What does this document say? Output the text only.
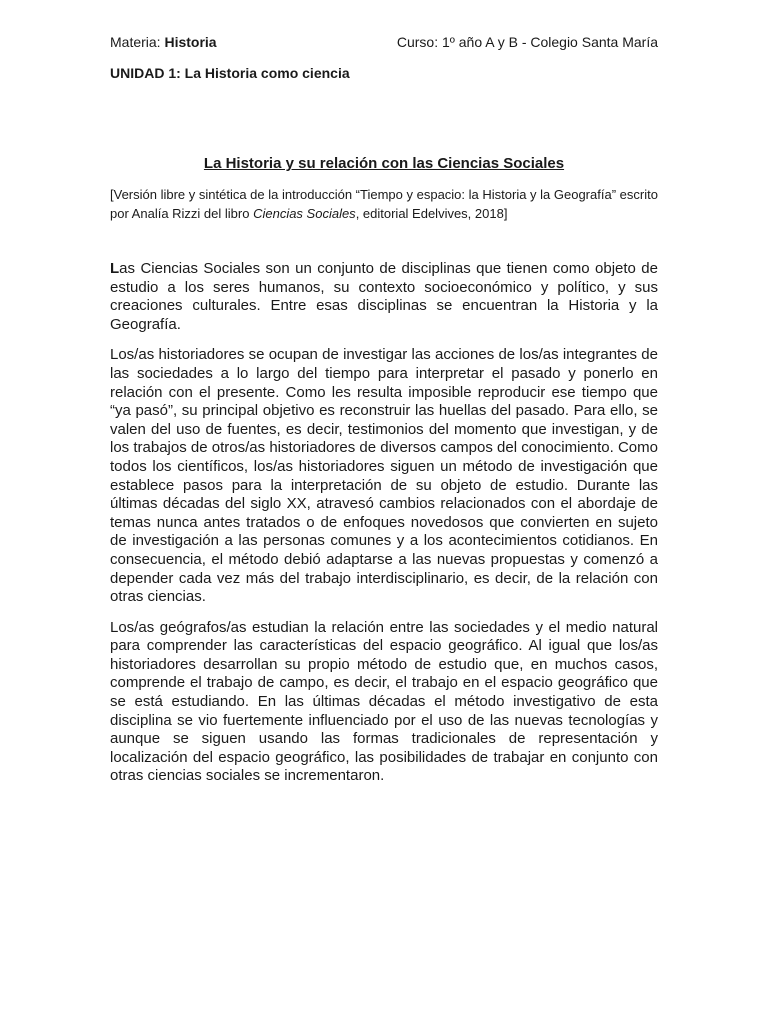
Materia: Historia	Curso: 1º año A y B - Colegio Santa María
UNIDAD 1: La Historia como ciencia
La Historia y su relación con las Ciencias Sociales
[Versión libre y sintética de la introducción “Tiempo y espacio: la Historia y la Geografía” escrito por Analía Rizzi del libro Ciencias Sociales, editorial Edelvives, 2018]

Las Ciencias Sociales son un conjunto de disciplinas que tienen como objeto de estudio a los seres humanos, su contexto socioeconómico y político, y sus creaciones culturales. Entre esas disciplinas se encuentran la Historia y la Geografía.

Los/as historiadores se ocupan de investigar las acciones de los/as integrantes de las sociedades a lo largo del tiempo para interpretar el pasado y ponerlo en relación con el presente. Como les resulta imposible reproducir ese tiempo que “ya pasó”, su principal objetivo es reconstruir las huellas del pasado. Para ello, se valen del uso de fuentes, es decir, testimonios del momento que investigan, y de los trabajos de otros/as historiadores de diversos campos del conocimiento. Como todos los científicos, los/as historiadores siguen un método de investigación que establece pasos para la interpretación de su objeto de estudio. Durante las últimas décadas del siglo XX, atravesó cambios relacionados con el abordaje de temas nunca antes tratados o de enfoques novedosos que convierten en sujeto de investigación a las personas comunes y a los acontecimientos cotidianos. En consecuencia, el método debió adaptarse a las nuevas propuestas y comenzó a depender cada vez más del trabajo interdisciplinario, es decir, de la relación con otras ciencias.

Los/as geógrafos/as estudian la relación entre las sociedades y el medio natural para comprender las características del espacio geográfico. Al igual que los/as historiadores desarrollan su propio método de estudio que, en muchos casos, comprende el trabajo de campo, es decir, el trabajo en el espacio geográfico que se está estudiando. En las últimas décadas el método investigativo de esta disciplina se vio fuertemente influenciado por el uso de las nuevas tecnologías y aunque se siguen usando las formas tradicionales de representación y localización del espacio geográfico, las posibilidades de trabajar en conjunto con otras ciencias sociales se incrementaron.
